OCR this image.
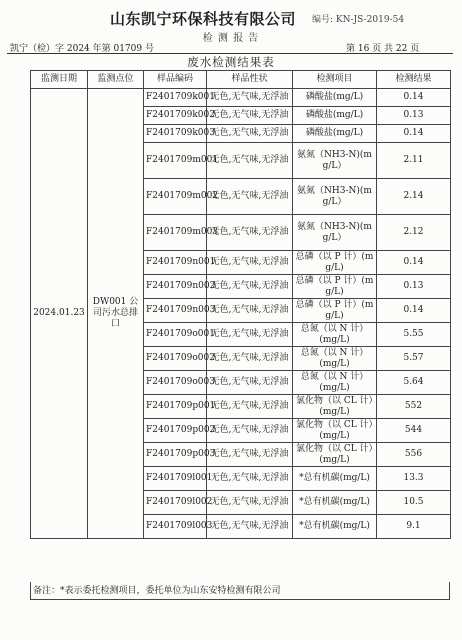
山东凯宁环保科技有限公司 编号: KN-JS-2019-54
检 测 报 告
凯宁（检）字 2024 年第 01709 号	第 16 页 共 22 页
废水检测结果表
监测日期	监测点位	样品编码	样品性状	检测项目	检测结果
2024.01.23	DW001 公司污水总排口	F2401709k001	无色,无气味,无浮油	磷酸盐(mg/L)	0.14
		F2401709k002	无色,无气味,无浮油	磷酸盐(mg/L)	0.13
		F2401709k003	无色,无气味,无浮油	磷酸盐(mg/L)	0.14
		F2401709m001	无色,无气味,无浮油	氨氮（NH3-N)(mg/L）	2.11
		F2401709m002	无色,无气味,无浮油	氨氮（NH3-N)(mg/L）	2.14
		F2401709m003	无色,无气味,无浮油	氨氮（NH3-N)(mg/L）	2.12
		F2401709n001	无色,无气味,无浮油	总磷（以 P 计）(mg/L)	0.14
		F2401709n002	无色,无气味,无浮油	总磷（以 P 计）(mg/L)	0.13
		F2401709n003	无色,无气味,无浮油	总磷（以 P 计）(mg/L)	0.14
		F2401709o001	无色,无气味,无浮油	总氮（以 N 计）(mg/L)	5.55
		F2401709o002	无色,无气味,无浮油	总氮（以 N 计）(mg/L)	5.57
		F2401709o003	无色,无气味,无浮油	总氮（以 N 计）(mg/L)	5.64
		F2401709p001	无色,无气味,无浮油	氯化物（以 CL 计）(mg/L)	552
		F2401709p002	无色,无气味,无浮油	氯化物（以 CL 计）(mg/L)	544
		F2401709p003	无色,无气味,无浮油	氯化物（以 CL 计）(mg/L)	556
		F2401709l001	无色,无气味,无浮油	*总有机碳(mg/L)	13.3
		F2401709l002	无色,无气味,无浮油	*总有机碳(mg/L)	10.5
		F2401709l003	无色,无气味,无浮油	*总有机碳(mg/L)	9.1
备注：*表示委托检测项目，委托单位为山东安特检测有限公司
